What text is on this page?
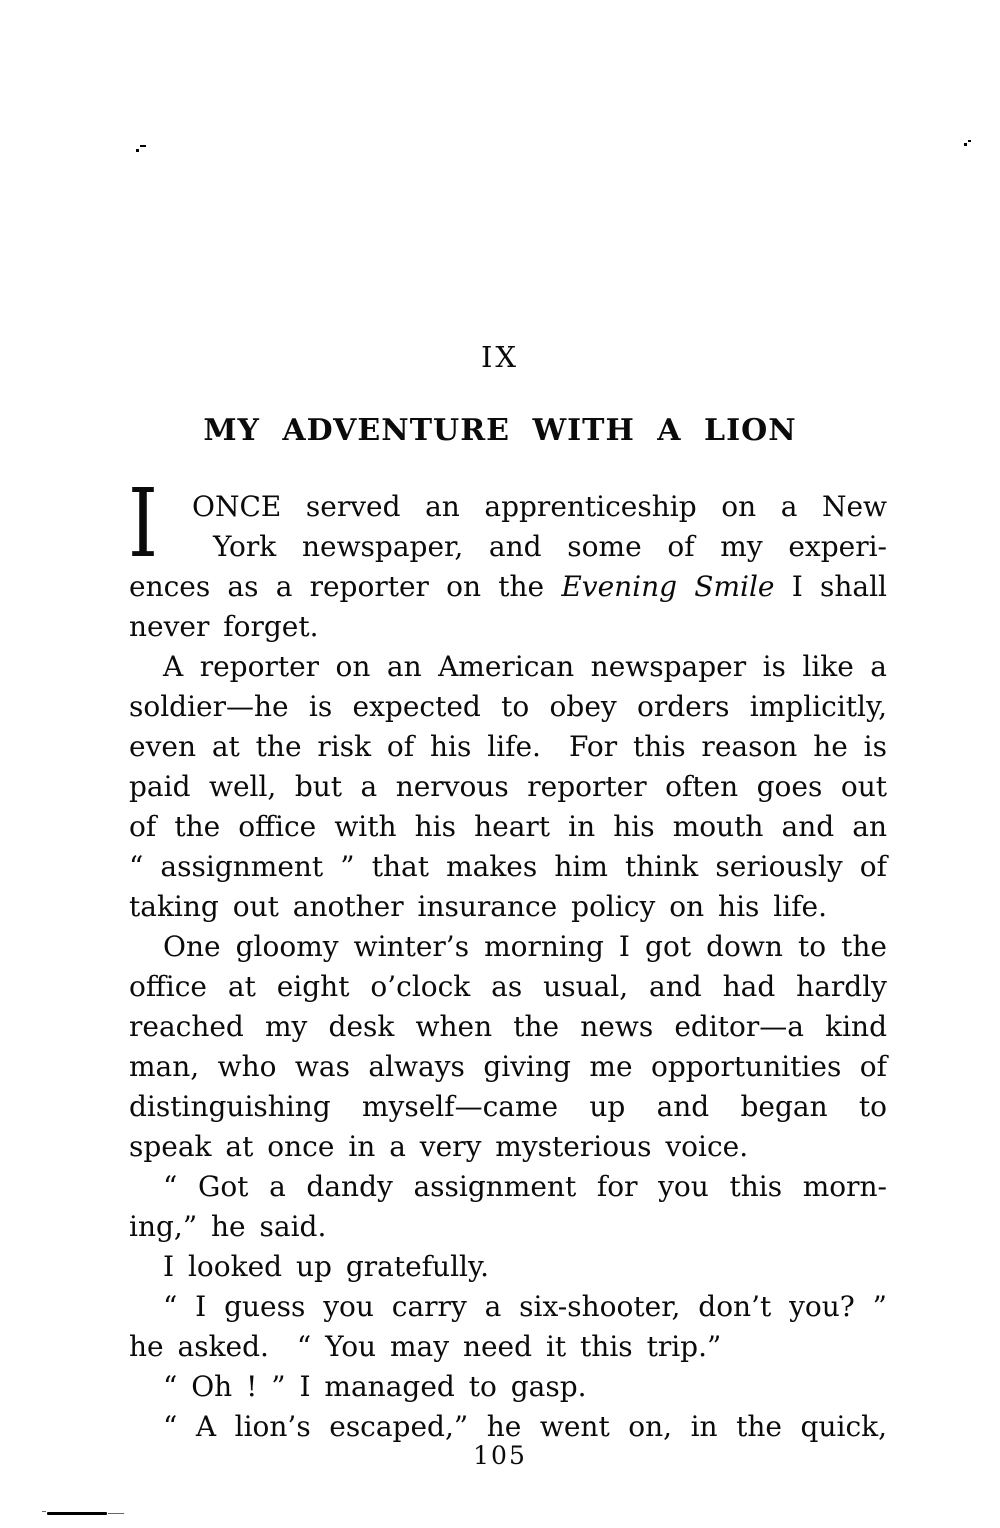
IX
MY ADVENTURE WITH A LION
I	ONCE served an apprenticeship on a New
York newspaper, and some of my experi-
ences as a reporter on the Evening Smile I shall
never forget.
A reporter on an American newspaper is like a
soldier—he is expected to obey orders implicitly,
even at the risk of his life. For this reason he is
paid well, but a nervous reporter often goes out
of the office with his heart in his mouth and an
“ assignment ” that makes him think seriously of
taking out another insurance policy on his life.
One gloomy winter’s morning I got down to the
office at eight o’clock as usual, and had hardly
reached my desk when the news editor—a kind
man, who was always giving me opportunities of
distinguishing myself—came up and began to
speak at once in a very mysterious voice.
“ Got a dandy assignment for you this morn-
ing,” he said.
I looked up gratefully.
“ I guess you carry a six-shooter, don’t you? ”
he asked. “ You may need it this trip.”
“ Oh ! ” I managed to gasp.
“ A lion’s escaped,” he went on, in the quick,
105
